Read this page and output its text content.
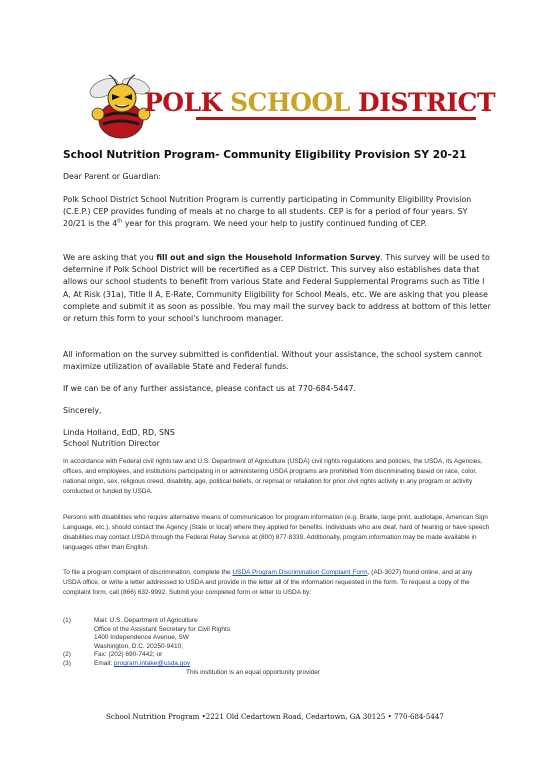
POLK SCHOOL DISTRICT
School Nutrition Program- Community Eligibility Provision SY 20-21

Dear Parent or Guardian:

Polk School District School Nutrition Program is currently participating in Community Eligibility Provision (C.E.P.) CEP provides funding of meals at no charge to all students. CEP is for a period of four years. SY 20/21 is the 4th year for this program. We need your help to justify continued funding of CEP.

We are asking that you fill out and sign the Household Information Survey. This survey will be used to determine if Polk School District will be recertified as a CEP District. This survey also establishes data that allows our school students to benefit from various State and Federal Supplemental Programs such as Title I A, At Risk (31a), Title II A, E-Rate, Community Eligibility for School Meals, etc. We are asking that you please complete and submit it as soon as possible. You may mail the survey back to address at bottom of this letter or return this form to your school's lunchroom manager.

All information on the survey submitted is confidential. Without your assistance, the school system cannot maximize utilization of available State and Federal funds.

If we can be of any further assistance, please contact us at 770-684-5447.

Sincerely,

Linda Holland, EdD, RD, SNS

School Nutrition Director

In accordance with Federal civil rights law and U.S. Department of Agriculture (USDA) civil rights regulations and policies, the USDA, its Agencies, offices, and employees, and institutions participating in or administering USDA programs are prohibited from discriminating based on race, color, national origin, sex, religious creed, disability, age, political beliefs, or reprisal or retaliation for prior civil rights activity in any program or activity conducted or funded by USDA.

Persons with disabilities who require alternative means of communication for program information (e.g. Braille, large print, audiotape, American Sign Language, etc.), should contact the Agency (State or local) where they applied for benefits. Individuals who are deaf, hard of hearing or have speech disabilities may contact USDA through the Federal Relay Service at (800) 877-8339. Additionally, program information may be made available in languages other than English.

To file a program complaint of discrimination, complete the USDA Program Discrimination Complaint Form, (AD-3027) found online, and at any USDA office, or write a letter addressed to USDA and provide in the letter all of the information requested in the form. To request a copy of the complaint form, call (866) 632-9992. Submit your completed form or letter to USDA by:

(1)	Mail: U.S. Department of Agriculture
Office of the Assistant Secretary for Civil Rights
1400 Independence Avenue, SW
Washington, D.C. 20250-9410;
(2)	Fax: (202) 690-7442; or
(3)	Email: program.intake@usda.gov
This institution is an equal opportunity provider
School Nutrition Program •2221 Old Cedartown Road, Cedartown, GA 30125 • 770-684-5447
